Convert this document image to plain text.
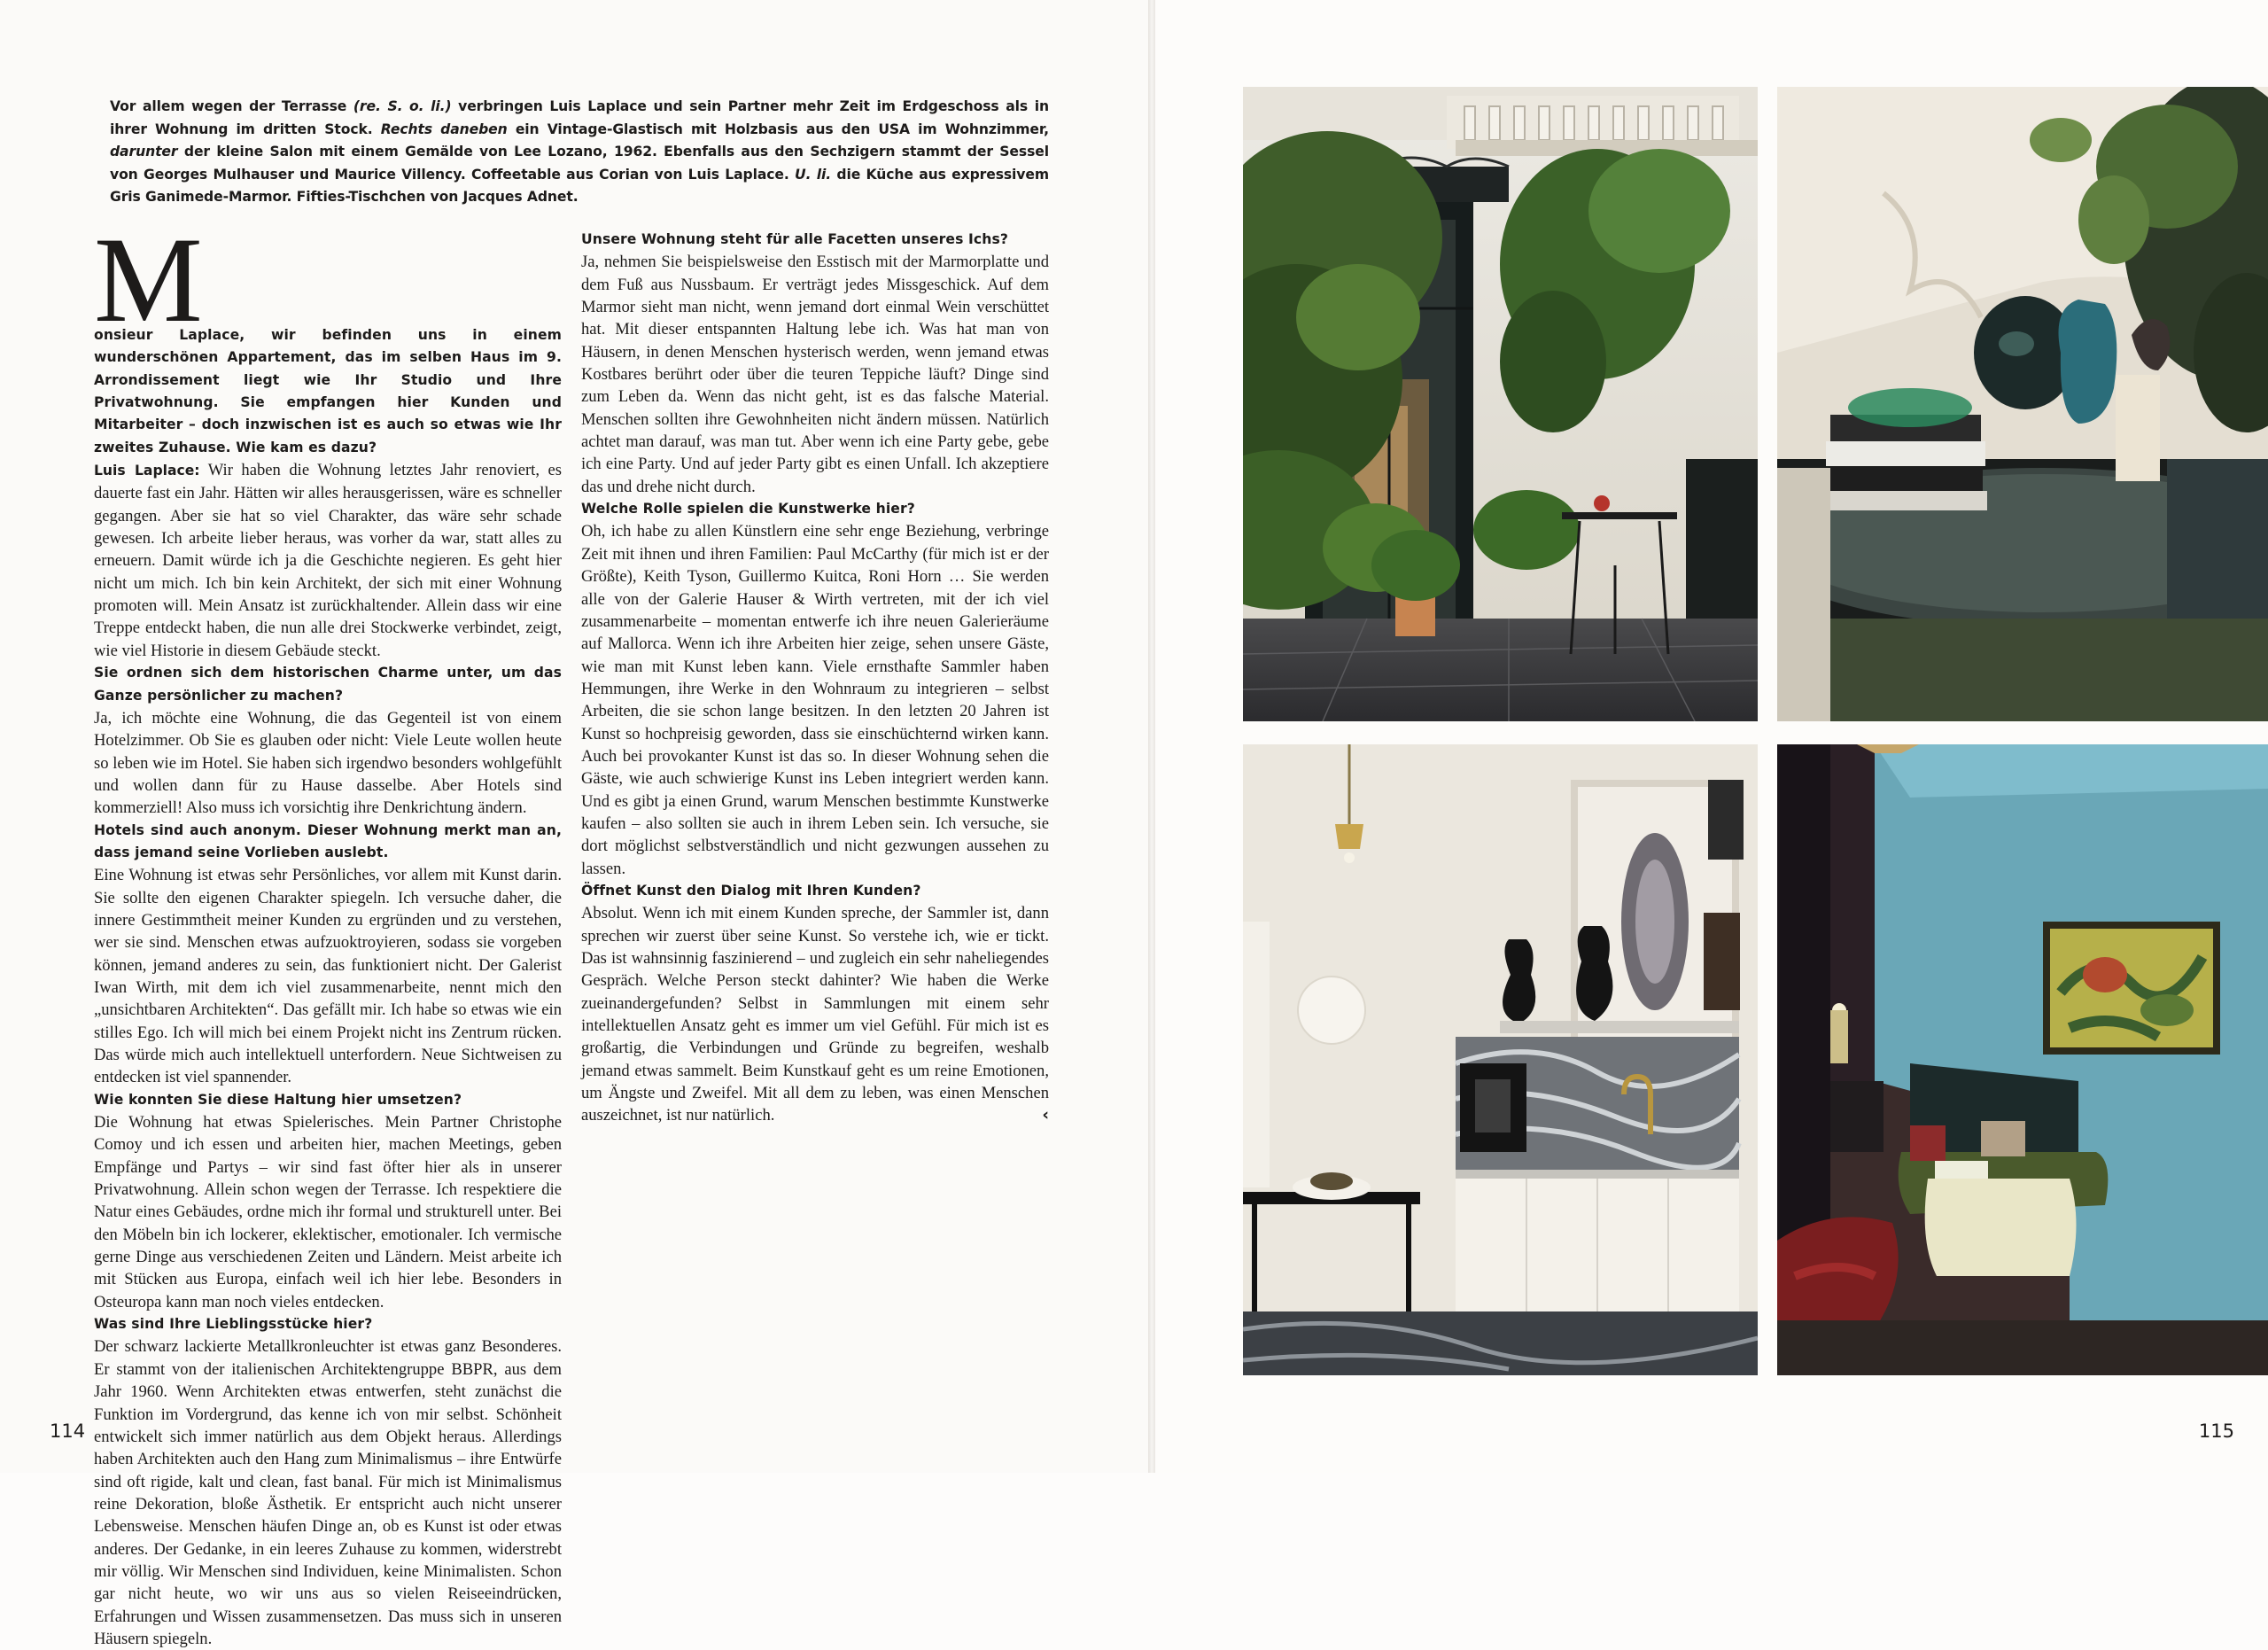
Vor allem wegen der Terrasse (re. S. o. li.) verbringen Luis Laplace und sein Partner mehr Zeit im Erdgeschoss als in ihrer Wohnung im dritten Stock. Rechts daneben ein Vintage-Glastisch mit Holzbasis aus den USA im Wohnzimmer, darunter der kleine Salon mit einem Gemälde von Lee Lozano, 1962. Ebenfalls aus den Sechzigern stammt der Sessel von Georges Mulhauser und Maurice Villency. Coffeetable aus Corian von Luis Laplace. U. li. die Küche aus expressivem Gris Ganimede-Marmor. Fifties-Tischchen von Jacques Adnet.
M

onsieur Laplace, wir befinden uns in einem wunderschönen Appartement, das im selben Haus im 9. Arrondissement liegt wie Ihr Studio und Ihre Privatwohnung. Sie empfangen hier Kunden und Mitarbeiter – doch inzwischen ist es auch so etwas wie Ihr zweites Zuhause. Wie kam es dazu?

Luis Laplace: Wir haben die Wohnung letztes Jahr renoviert, es dauerte fast ein Jahr. Hätten wir alles herausgerissen, wäre es schneller gegangen. Aber sie hat so viel Charakter, das wäre sehr schade gewesen. Ich arbeite lieber heraus, was vorher da war, statt alles zu erneuern. Damit würde ich ja die Geschichte negieren. Es geht hier nicht um mich. Ich bin kein Architekt, der sich mit einer Wohnung promoten will. Mein Ansatz ist zurückhaltender. Allein dass wir eine Treppe entdeckt haben, die nun alle drei Stockwerke verbindet, zeigt, wie viel Historie in diesem Gebäude steckt.

Sie ordnen sich dem historischen Charme unter, um das Ganze persönlicher zu machen?

Ja, ich möchte eine Wohnung, die das Gegenteil ist von einem Hotelzimmer. Ob Sie es glauben oder nicht: Viele Leute wollen heute so leben wie im Hotel. Sie haben sich irgendwo besonders wohlgefühlt und wollen dann für zu Hause dasselbe. Aber Hotels sind kommerziell! Also muss ich vorsichtig ihre Denkrichtung ändern.

Hotels sind auch anonym. Dieser Wohnung merkt man an, dass jemand seine Vorlieben auslebt.

Eine Wohnung ist etwas sehr Persönliches, vor allem mit Kunst darin. Sie sollte den eigenen Charakter spiegeln. Ich versuche daher, die innere Gestimmtheit meiner Kunden zu ergründen und zu verstehen, wer sie sind. Menschen etwas aufzuoktroyieren, sodass sie vorgeben können, jemand anderes zu sein, das funktioniert nicht. Der Galerist Iwan Wirth, mit dem ich viel zusammenarbeite, nennt mich den „unsichtbaren Architekten“. Das gefällt mir. Ich habe so etwas wie ein stilles Ego. Ich will mich bei einem Projekt nicht ins Zentrum rücken. Das würde mich auch intellektuell unterfordern. Neue Sichtweisen zu entdecken ist viel spannender.

Wie konnten Sie diese Haltung hier umsetzen?

Die Wohnung hat etwas Spielerisches. Mein Partner Christophe Comoy und ich essen und arbeiten hier, machen Meetings, geben Empfänge und Partys – wir sind fast öfter hier als in unserer Privatwohnung. Allein schon wegen der Terrasse. Ich respektiere die Natur eines Gebäudes, ordne mich ihr formal und strukturell unter. Bei den Möbeln bin ich lockerer, eklektischer, emotionaler. Ich vermische gerne Dinge aus verschiedenen Zeiten und Ländern. Meist arbeite ich mit Stücken aus Europa, einfach weil ich hier lebe. Besonders in Osteuropa kann man noch vieles entdecken.

Was sind Ihre Lieblingsstücke hier?

Der schwarz lackierte Metallkronleuchter ist etwas ganz Besonderes. Er stammt von der italienischen Architektengruppe BBPR, aus dem Jahr 1960. Wenn Architekten etwas entwerfen, steht zunächst die Funktion im Vordergrund, das kenne ich von mir selbst. Schönheit entwickelt sich immer natürlich aus dem Objekt heraus. Allerdings haben Architekten auch den Hang zum Minimalismus – ihre Entwürfe sind oft rigide, kalt und clean, fast banal. Für mich ist Minimalismus reine Dekoration, bloße Ästhetik. Er entspricht auch nicht unserer Lebensweise. Menschen häufen Dinge an, ob es Kunst ist oder etwas anderes. Der Gedanke, in ein leeres Zuhause zu kommen, widerstrebt mir völlig. Wir Menschen sind Individuen, keine Minimalisten. Schon gar nicht heute, wo wir uns aus so vielen Reiseeindrücken, Erfahrungen und Wissen zusammensetzen. Das muss sich in unseren Häusern spiegeln.

Unsere Wohnung steht für alle Facetten unseres Ichs?

Ja, nehmen Sie beispielsweise den Esstisch mit der Marmorplatte und dem Fuß aus Nussbaum. Er verträgt jedes Missgeschick. Auf dem Marmor sieht man nicht, wenn jemand dort einmal Wein verschüttet hat. Mit dieser entspannten Haltung lebe ich. Was hat man von Häusern, in denen Menschen hysterisch werden, wenn jemand etwas Kostbares berührt oder über die teuren Teppiche läuft? Dinge sind zum Leben da. Wenn das nicht geht, ist es das falsche Material. Menschen sollten ihre Gewohnheiten nicht ändern müssen. Natürlich achtet man darauf, was man tut. Aber wenn ich eine Party gebe, gebe ich eine Party. Und auf jeder Party gibt es einen Unfall. Ich akzeptiere das und drehe nicht durch.

Welche Rolle spielen die Kunstwerke hier?

Oh, ich habe zu allen Künstlern eine sehr enge Beziehung, verbringe Zeit mit ihnen und ihren Familien: Paul McCarthy (für mich ist er der Größte), Keith Tyson, Guillermo Kuitca, Roni Horn … Sie werden alle von der Galerie Hauser & Wirth vertreten, mit der ich viel zusammenarbeite – momentan entwerfe ich ihre neuen Galerieräume auf Mallorca. Wenn ich ihre Arbeiten hier zeige, sehen unsere Gäste, wie man mit Kunst leben kann. Viele ernsthafte Sammler haben Hemmungen, ihre Werke in den Wohnraum zu integrieren – selbst Arbeiten, die sie schon lange besitzen. In den letzten 20 Jahren ist Kunst so hochpreisig geworden, dass sie einschüchternd wirken kann. Auch bei provokanter Kunst ist das so. In dieser Wohnung sehen die Gäste, wie auch schwierige Kunst ins Leben integriert werden kann. Und es gibt ja einen Grund, warum Menschen bestimmte Kunstwerke kaufen – also sollten sie auch in ihrem Leben sein. Ich versuche, sie dort möglichst selbstverständlich und nicht gezwungen aussehen zu lassen.

Öffnet Kunst den Dialog mit Ihren Kunden?

Absolut. Wenn ich mit einem Kunden spreche, der Sammler ist, dann sprechen wir zuerst über seine Kunst. So verstehe ich, wie er tickt. Das ist wahnsinnig faszinierend – und zugleich ein sehr naheliegendes Gespräch. Welche Person steckt dahinter? Wie haben die Werke zueinandergefunden? Selbst in Sammlungen mit einem sehr intellektuellen Ansatz geht es immer um viel Gefühl. Für mich ist es großartig, die Verbindungen und Gründe zu begreifen, weshalb jemand etwas sammelt. Beim Kunstkauf geht es um reine Emotionen, um Ängste und Zweifel. Mit all dem zu leben, was einen Menschen auszeichnet, ist nur natürlich.	‹

114	115
